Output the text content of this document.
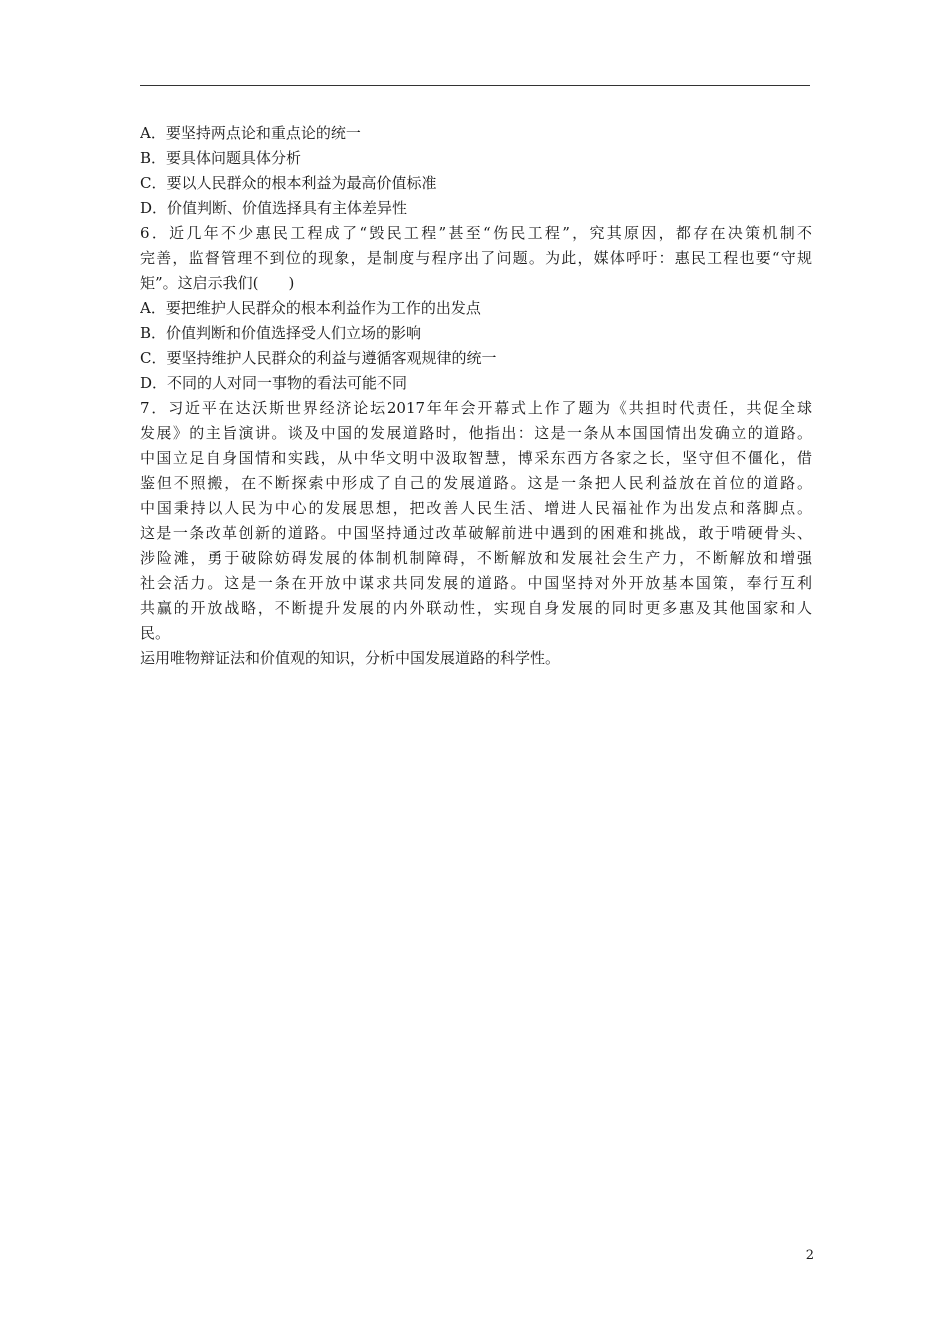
A．要坚持两点论和重点论的统一
B．要具体问题具体分析
C．要以人民群众的根本利益为最高价值标准
D．价值判断、价值选择具有主体差异性
6．近几年不少惠民工程成了“毁民工程”甚至“伤民工程”，究其原因，都存在决策机制不
完善，监督管理不到位的现象，是制度与程序出了问题。为此，媒体呼吁：惠民工程也要“守规
矩”。这启示我们(　　)
A．要把维护人民群众的根本利益作为工作的出发点
B．价值判断和价值选择受人们立场的影响
C．要坚持维护人民群众的利益与遵循客观规律的统一
D．不同的人对同一事物的看法可能不同
7．习近平在达沃斯世界经济论坛2017年年会开幕式上作了题为《共担时代责任，共促全球
发展》的主旨演讲。谈及中国的发展道路时，他指出：这是一条从本国国情出发确立的道路。
中国立足自身国情和实践，从中华文明中汲取智慧，博采东西方各家之长，坚守但不僵化，借
鉴但不照搬，在不断探索中形成了自己的发展道路。这是一条把人民利益放在首位的道路。
中国秉持以人民为中心的发展思想，把改善人民生活、增进人民福祉作为出发点和落脚点。
这是一条改革创新的道路。中国坚持通过改革破解前进中遇到的困难和挑战，敢于啃硬骨头、
涉险滩，勇于破除妨碍发展的体制机制障碍，不断解放和发展社会生产力，不断解放和增强
社会活力。这是一条在开放中谋求共同发展的道路。中国坚持对外开放基本国策，奉行互利
共赢的开放战略，不断提升发展的内外联动性，实现自身发展的同时更多惠及其他国家和人
民。
运用唯物辩证法和价值观的知识，分析中国发展道路的科学性。
2
